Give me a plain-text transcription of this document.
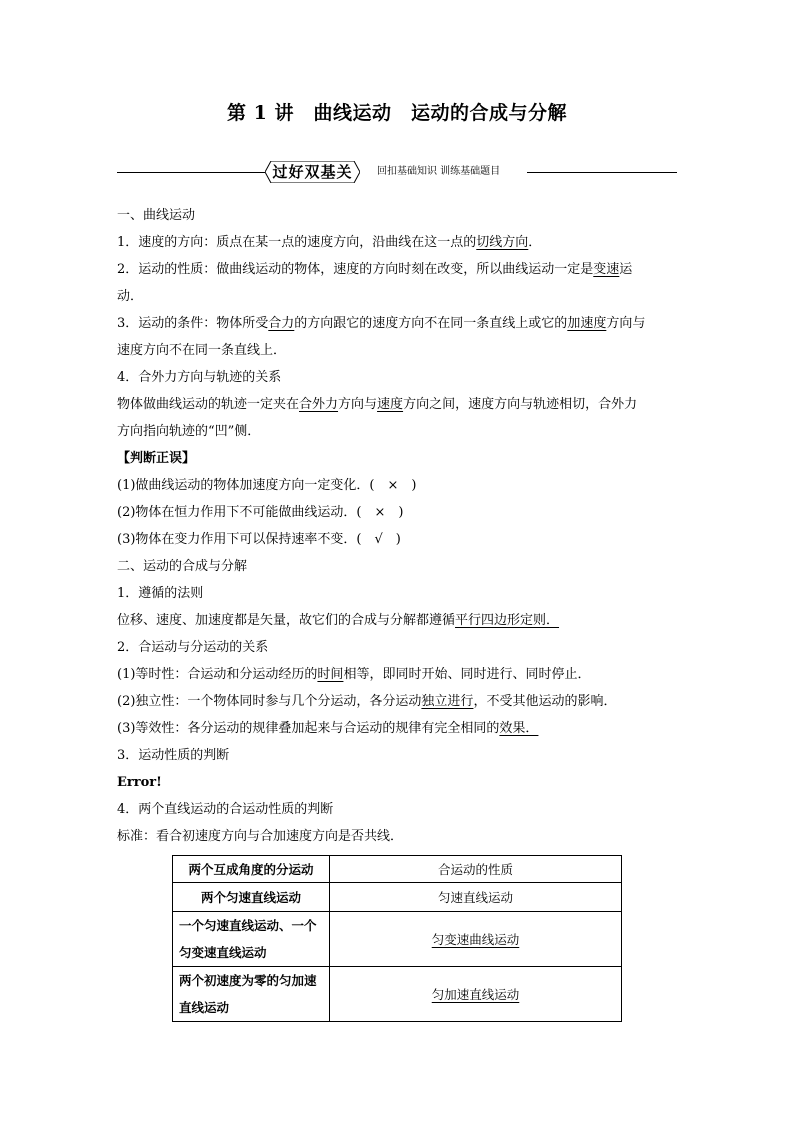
第 1 讲　曲线运动　运动的合成与分解
过好双基关	回扣基础知识 训练基础题目
一、曲线运动
1．速度的方向：质点在某一点的速度方向，沿曲线在这一点的切线方向．
2．运动的性质：做曲线运动的物体，速度的方向时刻在改变，所以曲线运动一定是变速运
动．
3．运动的条件：物体所受合力的方向跟它的速度方向不在同一条直线上或它的加速度方向与
速度方向不在同一条直线上．
4．合外力方向与轨迹的关系
物体做曲线运动的轨迹一定夹在合外力方向与速度方向之间，速度方向与轨迹相切，合外力
方向指向轨迹的“凹”侧．
【判断正误】
(1)做曲线运动的物体加速度方向一定变化．(　×　)
(2)物体在恒力作用下不可能做曲线运动．(　×　)
(3)物体在变力作用下可以保持速率不变．(　√　)
二、运动的合成与分解
1．遵循的法则
位移、速度、加速度都是矢量，故它们的合成与分解都遵循平行四边形定则．
2．合运动与分运动的关系
(1)等时性：合运动和分运动经历的时间相等，即同时开始、同时进行、同时停止．
(2)独立性：一个物体同时参与几个分运动，各分运动独立进行，不受其他运动的影响．
(3)等效性：各分运动的规律叠加起来与合运动的规律有完全相同的效果．
3．运动性质的判断
Error!
4．两个直线运动的合运动性质的判断
标准：看合初速度方向与合加速度方向是否共线．
两个互成角度的分运动	合运动的性质
两个匀速直线运动	匀速直线运动
一个匀速直线运动、一个匀变速直线运动	匀变速曲线运动
两个初速度为零的匀加速直线运动	匀加速直线运动
